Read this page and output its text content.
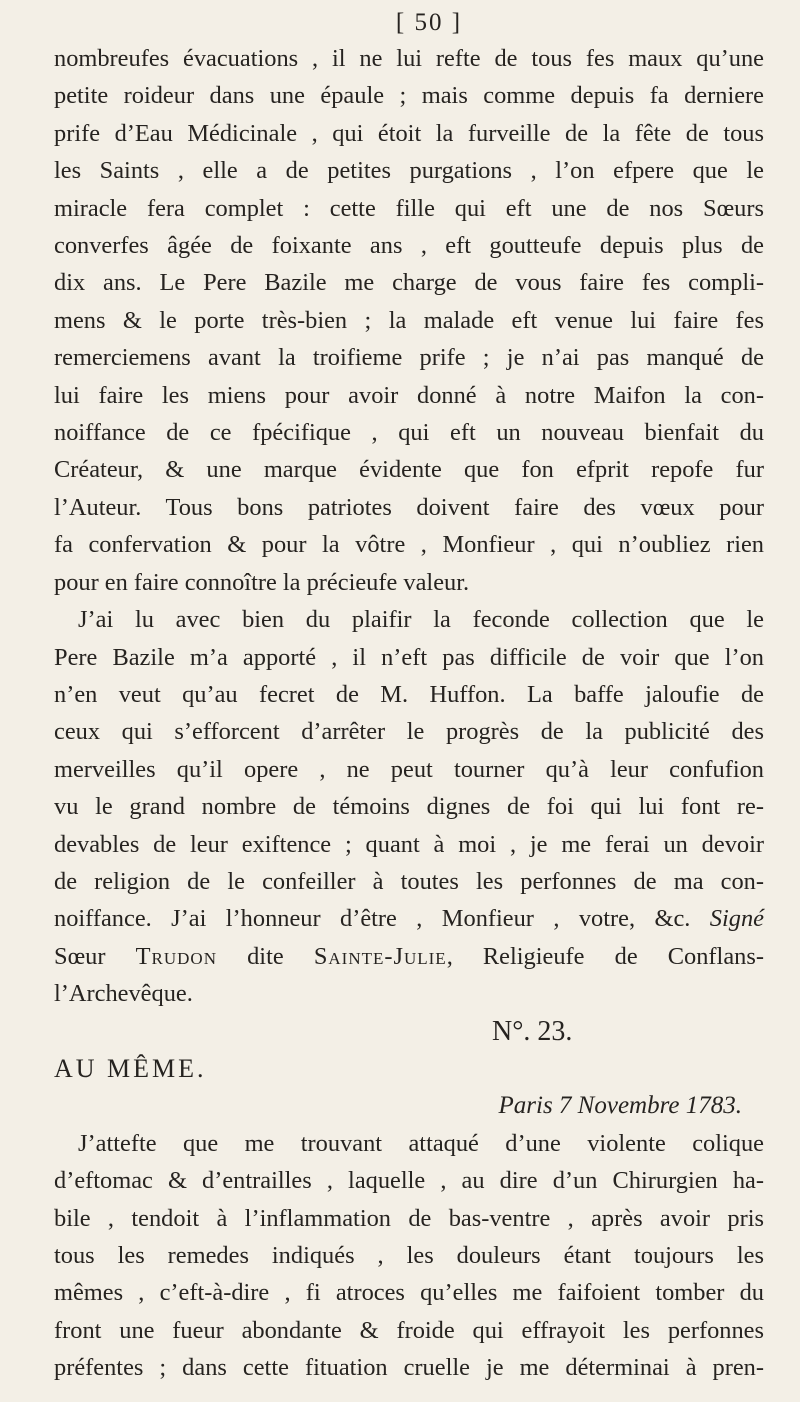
[ 50 ]
nombreufes évacuations , il ne lui refte de tous fes maux qu’une
petite roideur dans une épaule ; mais comme depuis fa derniere
prife d’Eau Médicinale , qui étoit la furveille de la fête de tous
les Saints , elle a de petites purgations , l’on efpere que le
miracle fera complet : cette fille qui eft une de nos Sœurs
converfes âgée de foixante ans , eft goutteufe depuis plus de
dix ans. Le Pere Bazile me charge de vous faire fes compli-
mens & le porte très-bien ; la malade eft venue lui faire fes
remerciemens avant la troifieme prife ; je n’ai pas manqué de
lui faire les miens pour avoir donné à notre Maifon la con-
noiffance de ce fpécifique , qui eft un nouveau bienfait du
Créateur, & une marque évidente que fon efprit repofe fur
l’Auteur. Tous bons patriotes doivent faire des vœux pour
fa confervation & pour la vôtre , Monfieur , qui n’oubliez rien
pour en faire connoître la précieufe valeur.
J’ai lu avec bien du plaifir la feconde collection que le
Pere Bazile m’a apporté , il n’eft pas difficile de voir que l’on
n’en veut qu’au fecret de M. Huffon. La baffe jaloufie de
ceux qui s’efforcent d’arrêter le progrès de la publicité des
merveilles qu’il opere , ne peut tourner qu’à leur confufion
vu le grand nombre de témoins dignes de foi qui lui font re-
devables de leur exiftence ; quant à moi , je me ferai un devoir
de religion de le confeiller à toutes les perfonnes de ma con-
noiffance. J’ai l’honneur d’être , Monfieur , votre, &c. Signé
Sœur Trudon dite Sainte-Julie, Religieufe de Conflans-
l’Archevêque.
N°. 23.
AU MÊME.
Paris 7 Novembre 1783.
J’attefte que me trouvant attaqué d’une violente colique
d’eftomac & d’entrailles , laquelle , au dire d’un Chirurgien ha-
bile , tendoit à l’inflammation de bas-ventre , après avoir pris
tous les remedes indiqués , les douleurs étant toujours les
mêmes , c’eft-à-dire , fi atroces qu’elles me faifoient tomber du
front une fueur abondante & froide qui effrayoit les perfonnes
préfentes ; dans cette fituation cruelle je me déterminai à pren-
